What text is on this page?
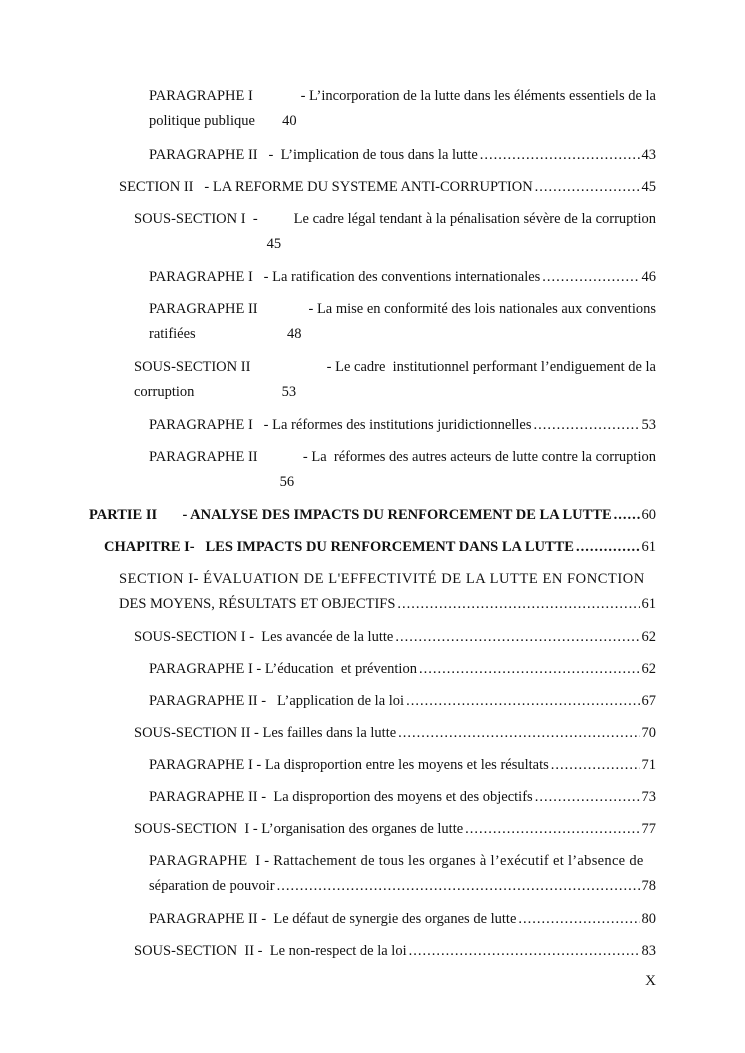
PARAGRAPHE I	- L’incorporation de la lutte dans les éléments essentiels de la
politique publique 40
PARAGRAPHE II   -  L’implication de tous dans la lutte .....	43
SECTION II   - LA REFORME DU SYSTEME ANTI-CORRUPTION .....	45
SOUS-SECTION I  - Le cadre légal tendant à la pénalisation sévère de la corruption
45
PARAGRAPHE I   - La ratification des conventions internationales .....	46
PARAGRAPHE II	- La mise en conformité des lois nationales aux conventions
ratifiées	48
SOUS-SECTION II	- Le cadre  institutionnel performant l’endiguement de la
corruption	53
PARAGRAPHE I   - La réformes des institutions juridictionnelles .....	53
PARAGRAPHE II	- La  réformes des autres acteurs de lutte contre la corruption
56
PARTIE II       - ANALYSE DES IMPACTS DU RENFORCEMENT DE LA LUTTE ..... 60
CHAPITRE I-   LES IMPACTS DU RENFORCEMENT DANS LA LUTTE .....	61
SECTION I- ÉVALUATION DE L'EFFECTIVITÉ DE LA LUTTE EN FONCTION
DES MOYENS, RÉSULTATS ET OBJECTIFS .....	61
SOUS-SECTION I -  Les avancée de la lutte .....	62
PARAGRAPHE I - L’éducation  et prévention .....	62
PARAGRAPHE II -   L’application de la loi .....	67
SOUS-SECTION II - Les failles dans la lutte .....	70
PARAGRAPHE I - La disproportion entre les moyens et les résultats .....	71
PARAGRAPHE II -  La disproportion des moyens et des objectifs .....	73
SOUS-SECTION  I - L’organisation des organes de lutte .....	77
PARAGRAPHE  I - Rattachement de tous les organes à l’exécutif et l’absence de
séparation de pouvoir .....	78
PARAGRAPHE II -  Le défaut de synergie des organes de lutte .....	80
SOUS-SECTION  II -  Le non-respect de la loi .....	83
X
